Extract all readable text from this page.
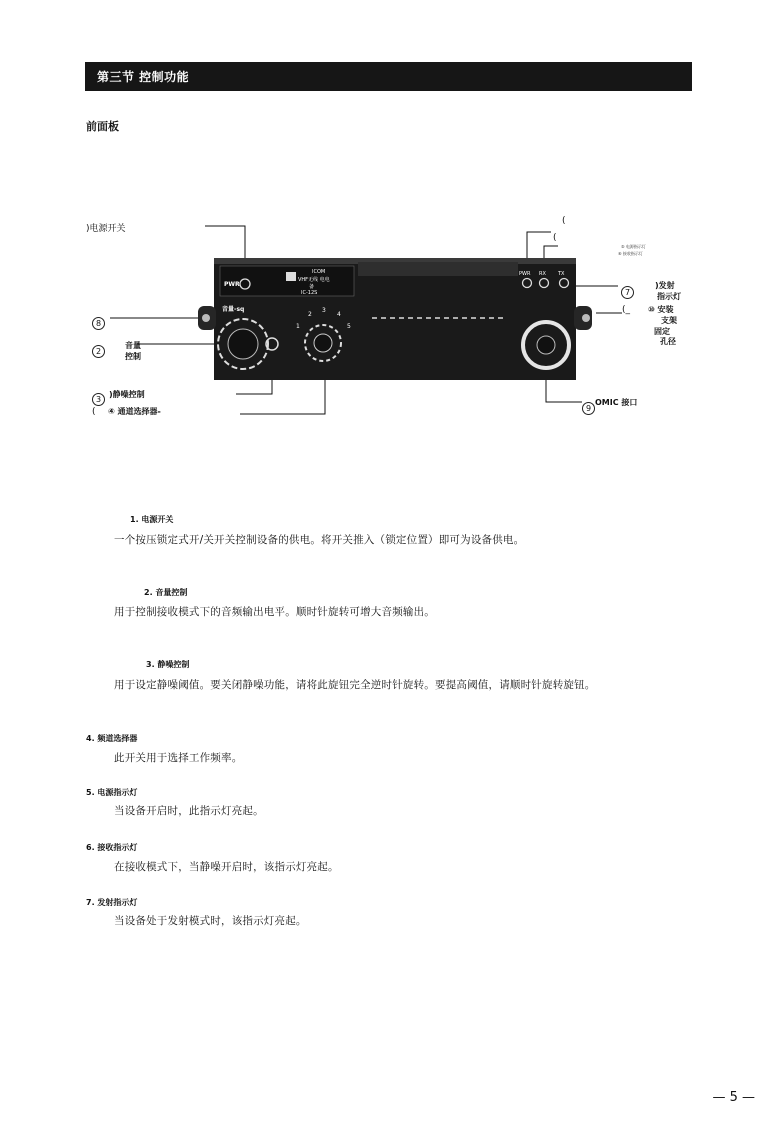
第三节 控制功能
前面板
PWR
ICOM
VHF无线 电电
备
IC-12S
音量-sq
1
2
3
4
5
PWR RX TX
)电源开关
8
2
音量
控制
3
)静噪控制
( ④ 通道选择器-
(
(
⑤ 电源指示灯
⑥ 接收指示灯
7
)发射
指示灯
(_ ⑩ 安装
支架
固定
孔径
9
OMIC 接口
1. 电源开关
一个按压锁定式开/关开关控制设备的供电。将开关推入（锁定位置）即可为设备供电。
2. 音量控制
用于控制接收模式下的音频输出电平。顺时针旋转可增大音频输出。
3. 静噪控制
用于设定静噪阈值。要关闭静噪功能，请将此旋钮完全逆时针旋转。要提高阈值，请顺时针旋转旋钮。
4. 频道选择器
此开关用于选择工作频率。
5. 电源指示灯
当设备开启时，此指示灯亮起。
6. 接收指示灯
在接收模式下，当静噪开启时，该指示灯亮起。
7. 发射指示灯
当设备处于发射模式时，该指示灯亮起。
— 5 —
